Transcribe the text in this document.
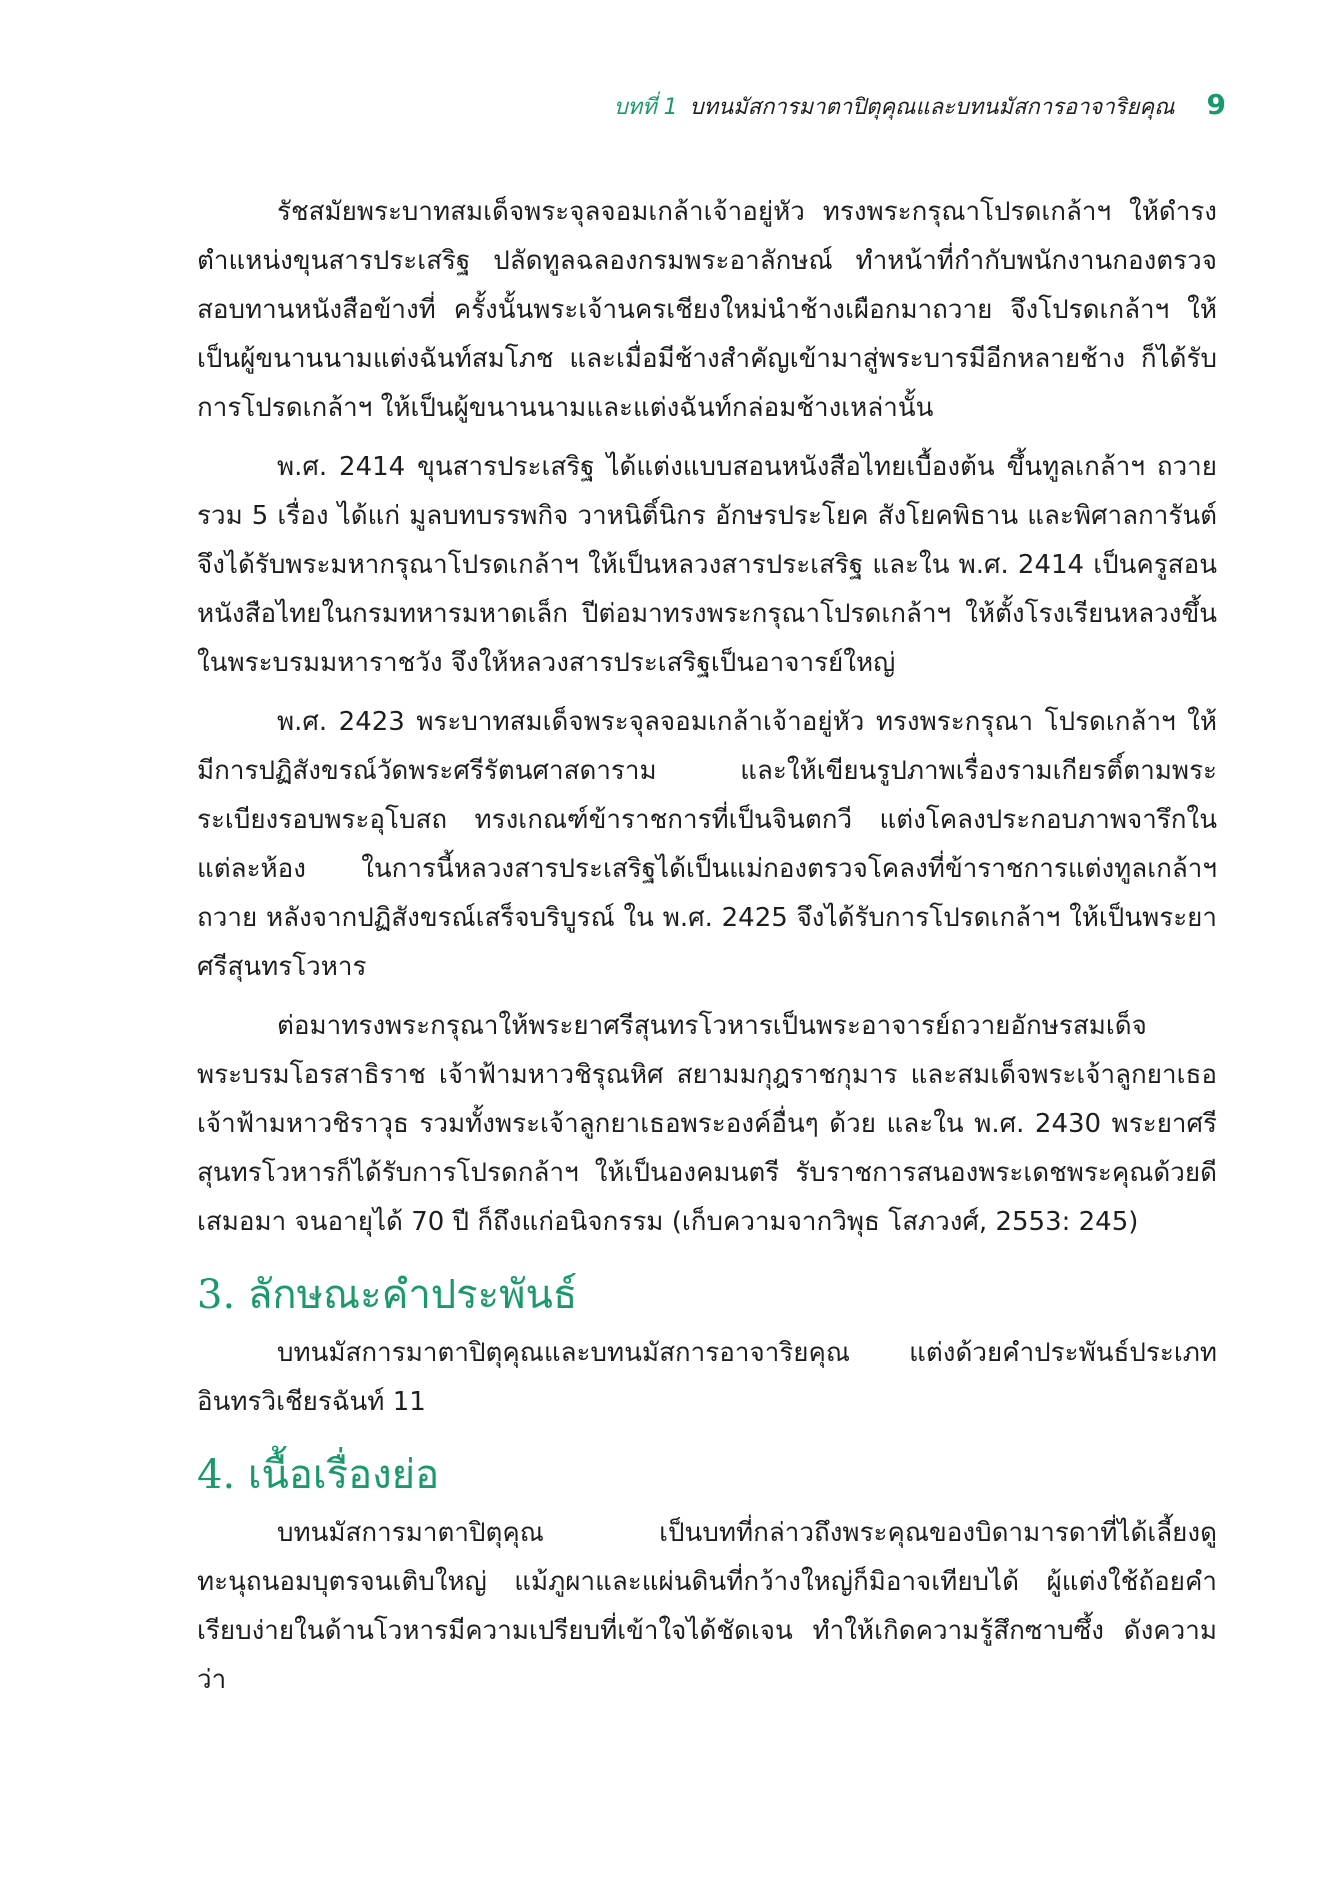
บทที่ 1 บทนมัสการมาตาปิตุคุณและบทนมัสการอาจาริยคุณ 9

รัชสมัยพระบาทสมเด็จพระจุลจอมเกล้าเจ้าอยู่หัว ทรงพระกรุณาโปรดเกล้าฯ ให้ดำรงตำแหน่งขุนสารประเสริฐ ปลัดทูลฉลองกรมพระอาลักษณ์ ทำหน้าที่กำกับพนักงานกองตรวจสอบทานหนังสือข้างที่ ครั้งนั้นพระเจ้านครเชียงใหม่นำช้างเผือกมาถวาย จึงโปรดเกล้าฯ ให้เป็นผู้ขนานนามแต่งฉันท์สมโภช และเมื่อมีช้างสำคัญเข้ามาสู่พระบารมีอีกหลายช้าง ก็ได้รับการโปรดเกล้าฯ ให้เป็นผู้ขนานนามและแต่งฉันท์กล่อมช้างเหล่านั้น

พ.ศ. 2414 ขุนสารประเสริฐ ได้แต่งแบบสอนหนังสือไทยเบื้องต้น ขึ้นทูลเกล้าฯ ถวายรวม 5 เรื่อง ได้แก่ มูลบทบรรพกิจ วาหนิติ์นิกร อักษรประโยค สังโยคพิธาน และพิศาลการันต์ จึงได้รับพระมหากรุณาโปรดเกล้าฯ ให้เป็นหลวงสารประเสริฐ และใน พ.ศ. 2414 เป็นครูสอนหนังสือไทยในกรมทหารมหาดเล็ก ปีต่อมาทรงพระกรุณาโปรดเกล้าฯ ให้ตั้งโรงเรียนหลวงขึ้นในพระบรมมหาราชวัง จึงให้หลวงสารประเสริฐเป็นอาจารย์ใหญ่

พ.ศ. 2423 พระบาทสมเด็จพระจุลจอมเกล้าเจ้าอยู่หัว ทรงพระกรุณา โปรดเกล้าฯ ให้มีการปฏิสังขรณ์วัดพระศรีรัตนศาสดาราม และให้เขียนรูปภาพเรื่องรามเกียรติ์ตามพระระเบียงรอบพระอุโบสถ ทรงเกณฑ์ข้าราชการที่เป็นจินตกวี แต่งโคลงประกอบภาพจารึกในแต่ละห้อง ในการนี้หลวงสารประเสริฐได้เป็นแม่กองตรวจโคลงที่ข้าราชการแต่งทูลเกล้าฯ ถวาย หลังจากปฏิสังขรณ์เสร็จบริบูรณ์ ใน พ.ศ. 2425 จึงได้รับการโปรดเกล้าฯ ให้เป็นพระยาศรีสุนทรโวหาร

ต่อมาทรงพระกรุณาให้พระยาศรีสุนทรโวหารเป็นพระอาจารย์ถวายอักษรสมเด็จพระบรมโอรสาธิราช เจ้าฟ้ามหาวชิรุณหิศ สยามมกุฎราชกุมาร และสมเด็จพระเจ้าลูกยาเธอ เจ้าฟ้ามหาวชิราวุธ รวมทั้งพระเจ้าลูกยาเธอพระองค์อื่นๆ ด้วย และใน พ.ศ. 2430 พระยาศรีสุนทรโวหารก็ได้รับการโปรดกล้าฯ ให้เป็นองคมนตรี รับราชการสนองพระเดชพระคุณด้วยดีเสมอมา จนอายุได้ 70 ปี ก็ถึงแก่อนิจกรรม (เก็บความจากวิพุธ โสภวงศ์, 2553: 245)

3. ลักษณะคำประพันธ์

บทนมัสการมาตาปิตุคุณและบทนมัสการอาจาริยคุณ แต่งด้วยคำประพันธ์ประเภทอินทรวิเชียรฉันท์ 11

4. เนื้อเรื่องย่อ

บทนมัสการมาตาปิตุคุณ เป็นบทที่กล่าวถึงพระคุณของบิดามารดาที่ได้เลี้ยงดู ทะนุถนอมบุตรจนเติบใหญ่ แม้ภูผาและแผ่นดินที่กว้างใหญ่ก็มิอาจเทียบได้ ผู้แต่งใช้ถ้อยคำเรียบง่ายในด้านโวหารมีความเปรียบที่เข้าใจได้ชัดเจน ทำให้เกิดความรู้สึกซาบซึ้ง ดังความว่า
